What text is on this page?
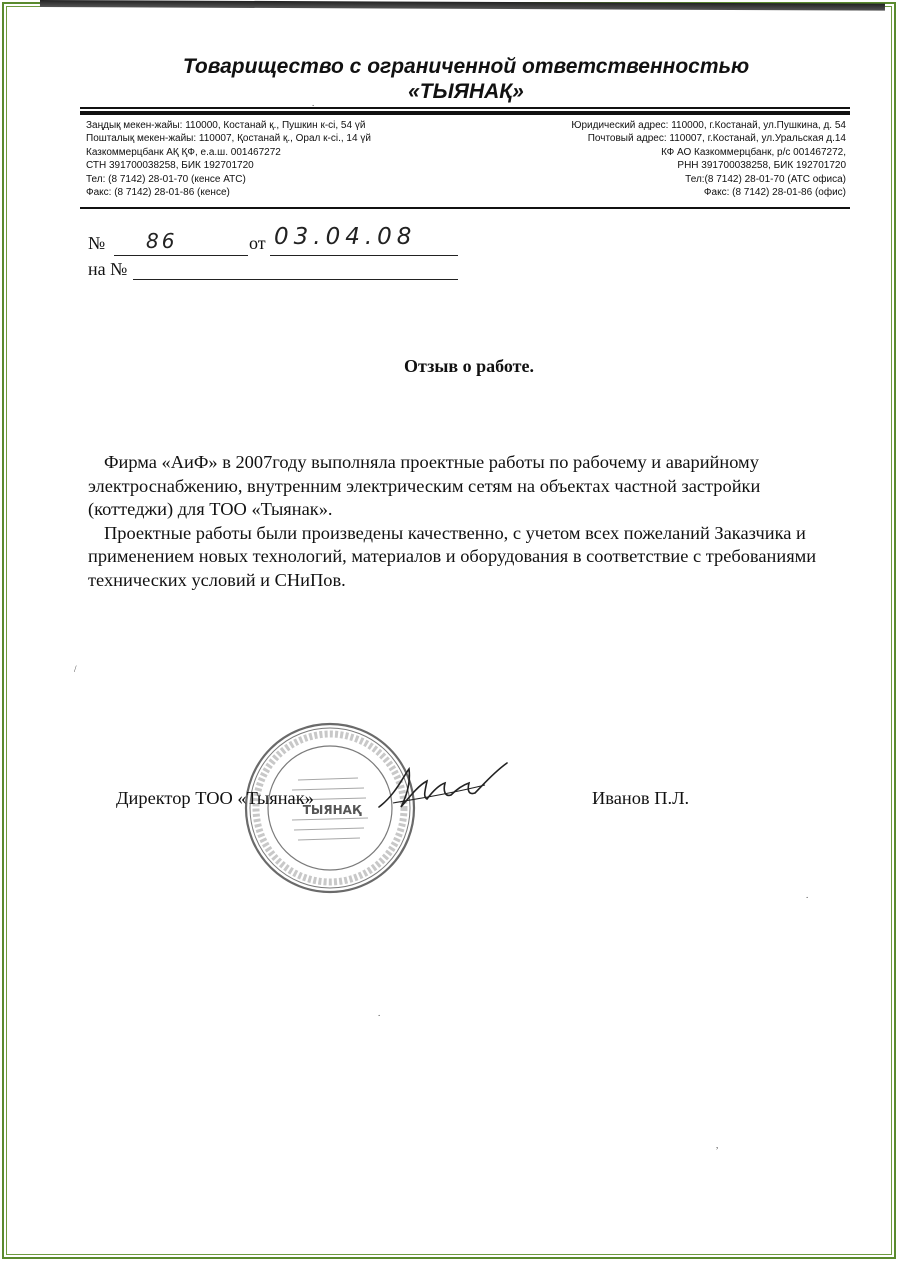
Товарищество с ограниченной ответственностью
«ТЫЯНАҚ»
Заңдық мекен-жайы: 110000, Костанай қ., Пушкин к-сi, 54 үй
Пошталық мекен-жайы: 110007, Қостанай қ., Орал к-сi., 14 үй
Казкоммерцбанк АҚ ҚФ, е.а.ш. 001467272
СТН 391700038258, БИК 192701720
Тел: (8 7142) 28-01-70 (кенсе АТС)
Факс: (8 7142) 28-01-86 (кенсе)
Юридический адрес: 110000, г.Костанай, ул.Пушкина, д. 54
Почтовый адрес: 110007, г.Костанай, ул.Уральская д.14
КФ АО Казкоммерцбанк, р/с 001467272,
РНН 391700038258, БИК 192701720
Тел:(8 7142) 28-01-70 (АТС офиса)
Факс: (8 7142) 28-01-86 (офис)
№ 86	от 03.04.08
на №
Отзыв о работе.

Фирма «АиФ» в 2007году выполняла проектные работы по рабочему и аварийному электроснабжению, внутренним электрическим сетям на объектах частной застройки (коттеджи) для ТОО «Тыянак».

Проектные работы были произведены качественно, с учетом всех пожеланий Заказчика и применением новых технологий, материалов и оборудования в соответствие с требованиями технических условий и СНиПов.

ТЫЯНАҚ
Директор ТОО «Тыянак»	Иванов П.Л.
/
.
,
.
.
